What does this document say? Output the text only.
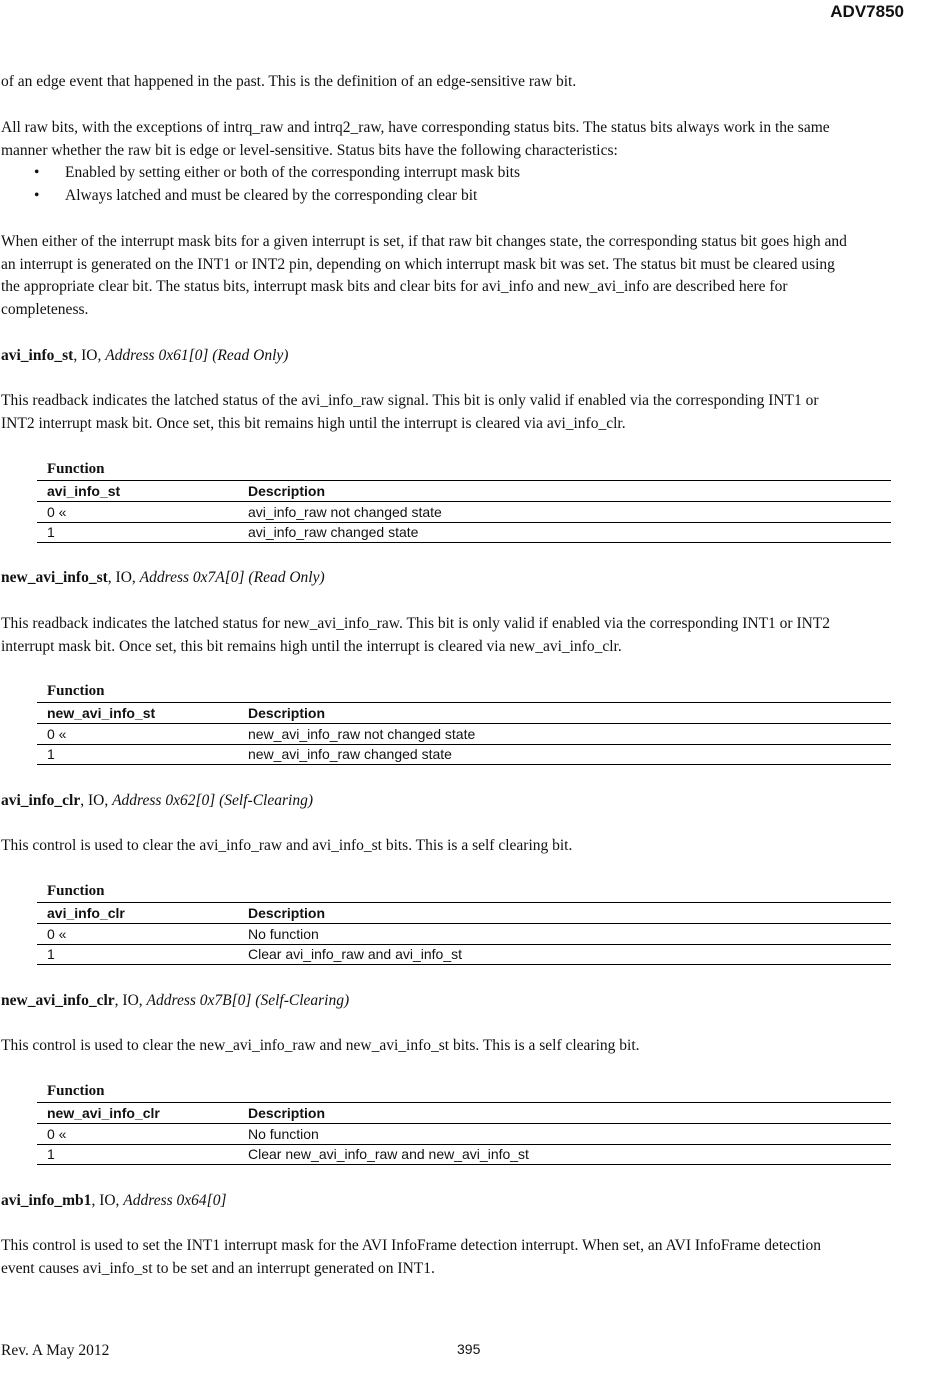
ADV7850

of an edge event that happened in the past. This is the definition of an edge-sensitive raw bit.

All raw bits, with the exceptions of intrq_raw and intrq2_raw, have corresponding status bits. The status bits always work in the same

manner whether the raw bit is edge or level-sensitive. Status bits have the following characteristics:

• Enabled by setting either or both of the corresponding interrupt mask bits

• Always latched and must be cleared by the corresponding clear bit

When either of the interrupt mask bits for a given interrupt is set, if that raw bit changes state, the corresponding status bit goes high and

an interrupt is generated on the INT1 or INT2 pin, depending on which interrupt mask bit was set. The status bit must be cleared using

the appropriate clear bit. The status bits, interrupt mask bits and clear bits for avi_info and new_avi_info are described here for

completeness.

avi_info_st, IO, Address 0x61[0] (Read Only)

This readback indicates the latched status of the avi_info_raw signal. This bit is only valid if enabled via the corresponding INT1 or

INT2 interrupt mask bit. Once set, this bit remains high until the interrupt is cleared via avi_info_clr.

Function
avi_info_st	Description
0 «	avi_info_raw not changed state
1	avi_info_raw changed state

new_avi_info_st, IO, Address 0x7A[0] (Read Only)

This readback indicates the latched status for new_avi_info_raw. This bit is only valid if enabled via the corresponding INT1 or INT2

interrupt mask bit. Once set, this bit remains high until the interrupt is cleared via new_avi_info_clr.

Function
new_avi_info_st	Description
0 «	new_avi_info_raw not changed state
1	new_avi_info_raw changed state

avi_info_clr, IO, Address 0x62[0] (Self-Clearing)

This control is used to clear the avi_info_raw and avi_info_st bits. This is a self clearing bit.

Function
avi_info_clr	Description
0 «	No function
1	Clear avi_info_raw and avi_info_st

new_avi_info_clr, IO, Address 0x7B[0] (Self-Clearing)

This control is used to clear the new_avi_info_raw and new_avi_info_st bits. This is a self clearing bit.

Function
new_avi_info_clr	Description
0 «	No function
1	Clear new_avi_info_raw and new_avi_info_st

avi_info_mb1, IO, Address 0x64[0]

This control is used to set the INT1 interrupt mask for the AVI InfoFrame detection interrupt. When set, an AVI InfoFrame detection

event causes avi_info_st to be set and an interrupt generated on INT1.

Rev. A May 2012	395
